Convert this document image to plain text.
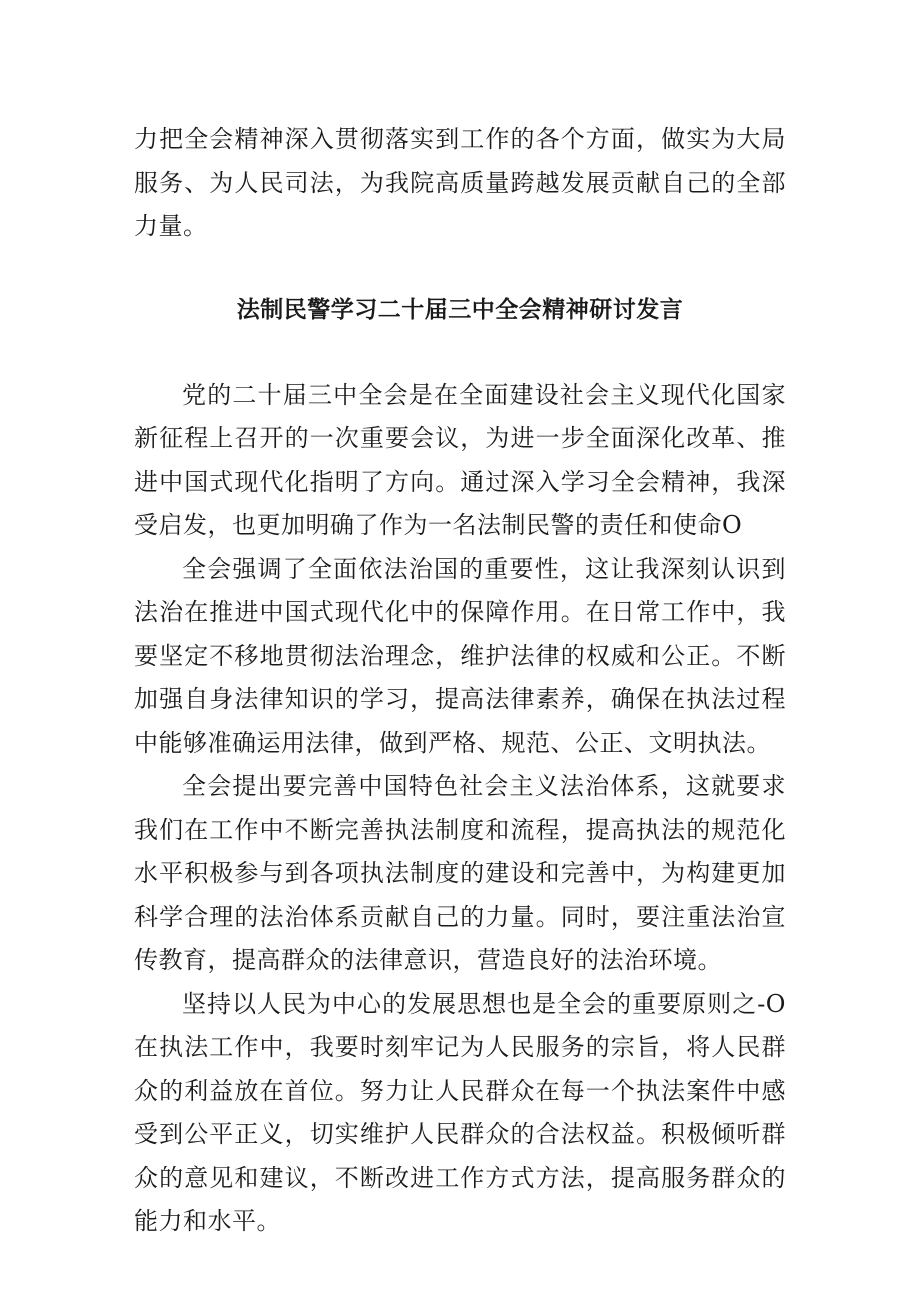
力把全会精神深入贯彻落实到工作的各个方面，做实为大局服务、为人民司法，为我院高质量跨越发展贡献自己的全部力量。

法制民警学习二十届三中全会精神研讨发言

党的二十届三中全会是在全面建设社会主义现代化国家新征程上召开的一次重要会议，为进一步全面深化改革、推进中国式现代化指明了方向。通过深入学习全会精神，我深受启发，也更加明确了作为一名法制民警的责任和使命O

全会强调了全面依法治国的重要性，这让我深刻认识到法治在推进中国式现代化中的保障作用。在日常工作中，我要坚定不移地贯彻法治理念，维护法律的权威和公正。不断加强自身法律知识的学习，提高法律素养，确保在执法过程中能够准确运用法律，做到严格、规范、公正、文明执法。

全会提出要完善中国特色社会主义法治体系，这就要求我们在工作中不断完善执法制度和流程，提高执法的规范化水平积极参与到各项执法制度的建设和完善中，为构建更加科学合理的法治体系贡献自己的力量。同时，要注重法治宣传教育，提高群众的法律意识，营造良好的法治环境。

坚持以人民为中心的发展思想也是全会的重要原则之-O在执法工作中，我要时刻牢记为人民服务的宗旨，将人民群众的利益放在首位。努力让人民群众在每一个执法案件中感受到公平正义，切实维护人民群众的合法权益。积极倾听群众的意见和建议，不断改进工作方式方法，提高服务群众的能力和水平。
